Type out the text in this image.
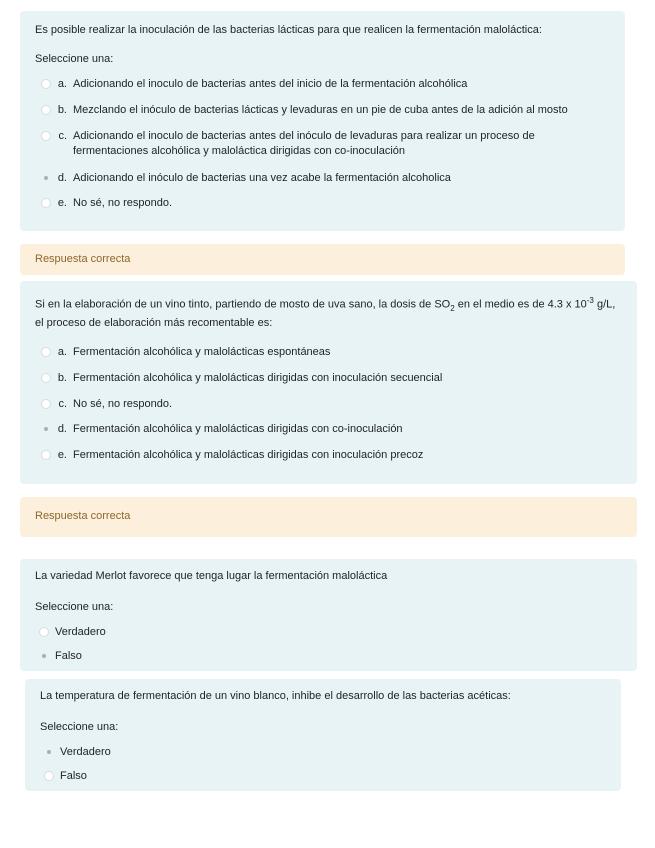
Es posible realizar la inoculación de las bacterias lácticas para que realicen la fermentación maloláctica:
Seleccione una:
a. Adicionando el inoculo de bacterias antes del inicio de la fermentación alcohólica
b. Mezclando el inóculo de bacterias lácticas y levaduras en un pie de cuba antes de la adición al mosto
c. Adicionando el inoculo de bacterias antes del inóculo de levaduras para realizar un proceso de fermentaciones alcohólica y maloláctica dirigidas con co-inoculación
d. Adicionando el inóculo de bacterias una vez acabe la fermentación alcoholica
e. No sé, no respondo.
Respuesta correcta
Si en la elaboración de un vino tinto, partiendo de mosto de uva sano, la dosis de $SO_2$ en el medio es de 4.3 x $10^{-3}$ g/L, el proceso de elaboración más recomentable es:
a. Fermentación alcohólica y malolácticas espontáneas
b. Fermentación alcohólica y malolácticas dirigidas con inoculación secuencial
c. No sé, no respondo.
d. Fermentación alcohólica y malolácticas dirigidas con co-inoculación
e. Fermentación alcohólica y malolácticas dirigidas con inoculación precoz
Respuesta correcta
La variedad Merlot favorece que tenga lugar la fermentación maloláctica
Seleccione una:
Verdadero
Falso
La temperatura de fermentación de un vino blanco, inhibe el desarrollo de las bacterias acéticas:
Seleccione una:
Verdadero
Falso
